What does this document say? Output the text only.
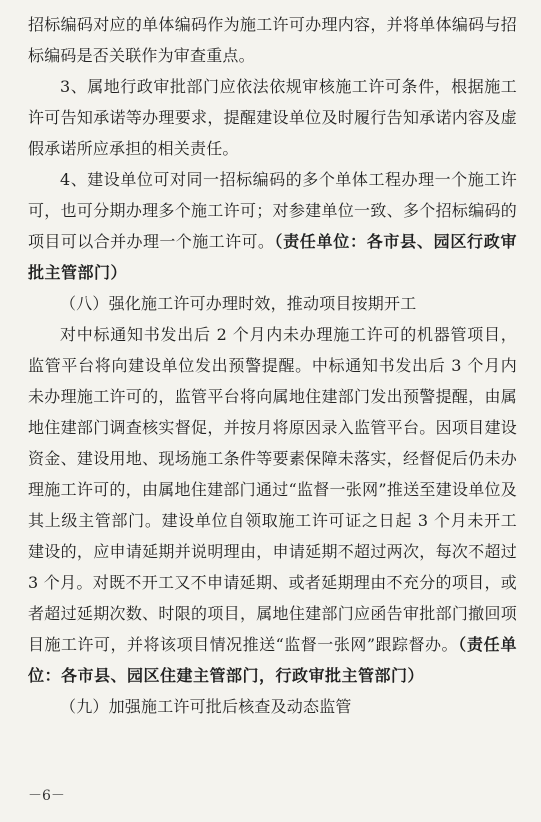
招标编码对应的单体编码作为施工许可办理内容，并将单体编码与招标编码是否关联作为审查重点。

3、属地行政审批部门应依法依规审核施工许可条件，根据施工许可告知承诺等办理要求，提醒建设单位及时履行告知承诺内容及虚假承诺所应承担的相关责任。

4、建设单位可对同一招标编码的多个单体工程办理一个施工许可，也可分期办理多个施工许可；对参建单位一致、多个招标编码的项目可以合并办理一个施工许可。（责任单位：各市县、园区行政审批主管部门）

（八）强化施工许可办理时效，推动项目按期开工

对中标通知书发出后 2 个月内未办理施工许可的机器管项目，监管平台将向建设单位发出预警提醒。中标通知书发出后 3 个月内未办理施工许可的，监管平台将向属地住建部门发出预警提醒，由属地住建部门调查核实督促，并按月将原因录入监管平台。因项目建设资金、建设用地、现场施工条件等要素保障未落实，经督促后仍未办理施工许可的，由属地住建部门通过“监督一张网”推送至建设单位及其上级主管部门。建设单位自领取施工许可证之日起 3 个月未开工建设的，应申请延期并说明理由，申请延期不超过两次，每次不超过 3 个月。对既不开工又不申请延期、或者延期理由不充分的项目，或者超过延期次数、时限的项目，属地住建部门应函告审批部门撤回项目施工许可，并将该项目情况推送“监督一张网”跟踪督办。（责任单位：各市县、园区住建主管部门，行政审批主管部门）

（九）加强施工许可批后核查及动态监管

－6－
